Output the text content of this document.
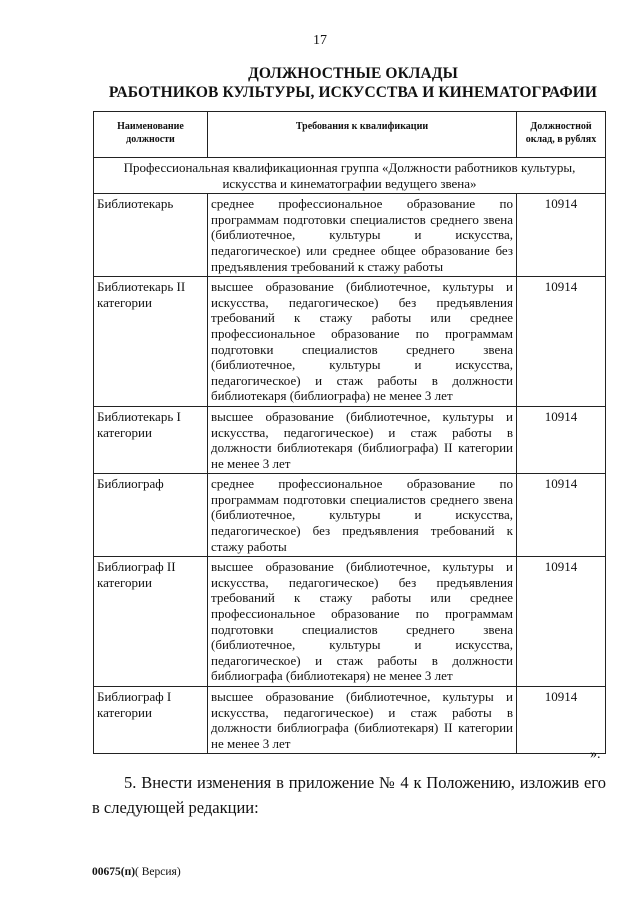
17
ДОЛЖНОСТНЫЕ ОКЛАДЫ
РАБОТНИКОВ КУЛЬТУРЫ, ИСКУССТВА И КИНЕМАТОГРАФИИ
Наименование должности	Требования к квалификации	Должностной оклад, в рублях
Профессиональная квалификационная группа «Должности работников культуры, искусства и кинематографии ведущего звена»		
Библиотекарь	среднее профессиональное образование по программам подготовки специалистов среднего звена (библиотечное, культуры и искусства, педагогическое) или среднее общее образование без предъявления требований к стажу работы	10914
Библиотекарь II категории	высшее образование (библиотечное, культуры и искусства, педагогическое) без предъявления требований к стажу работы или среднее профессиональное образование по программам подготовки специалистов среднего звена (библиотечное, культуры и искусства, педагогическое) и стаж работы в должности библиотекаря (библиографа) не менее 3 лет	10914
Библиотекарь I категории	высшее образование (библиотечное, культуры и искусства, педагогическое) и стаж работы в должности библиотекаря (библиографа) II категории не менее 3 лет	10914
Библиограф	среднее профессиональное образование по программам подготовки специалистов среднего звена (библиотечное, культуры и искусства, педагогическое) без предъявления требований к стажу работы	10914
Библиограф II категории	высшее образование (библиотечное, культуры и искусства, педагогическое) без предъявления требований к стажу работы или среднее профессиональное образование по программам подготовки специалистов среднего звена (библиотечное, культуры и искусства, педагогическое) и стаж работы в должности библиографа (библиотекаря) не менее 3 лет	10914
Библиограф I категории	высшее образование (библиотечное, культуры и искусства, педагогическое) и стаж работы в должности библиографа (библиотекаря) II категории не менее 3 лет	10914
».
5. Внести изменения в приложение № 4 к Положению, изложив его в следующей редакции:
00675(п)( Версия)
